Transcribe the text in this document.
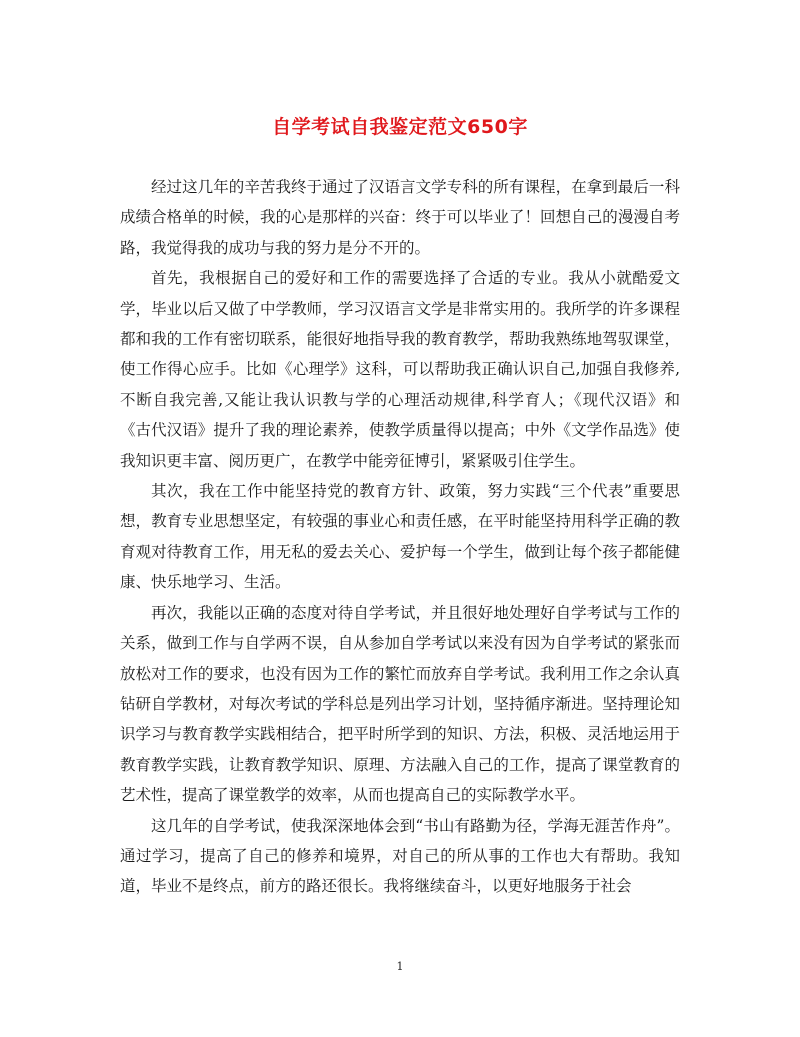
自学考试自我鉴定范文650字

经过这几年的辛苦我终于通过了汉语言文学专科的所有课程，在拿到最后一科成绩合格单的时候，我的心是那样的兴奋：终于可以毕业了！回想自己的漫漫自考路，我觉得我的成功与我的努力是分不开的。

首先，我根据自己的爱好和工作的需要选择了合适的专业。我从小就酷爱文学，毕业以后又做了中学教师，学习汉语言文学是非常实用的。我所学的许多课程都和我的工作有密切联系，能很好地指导我的教育教学，帮助我熟练地驾驭课堂，使工作得心应手。比如《心理学》这科，可以帮助我正确认识自己,加强自我修养,不断自我完善,又能让我认识教与学的心理活动规律,科学育人；《现代汉语》和《古代汉语》提升了我的理论素养，使教学质量得以提高；中外《文学作品选》使我知识更丰富、阅历更广，在教学中能旁征博引，紧紧吸引住学生。

其次，我在工作中能坚持党的教育方针、政策，努力实践“三个代表”重要思想，教育专业思想坚定，有较强的事业心和责任感，在平时能坚持用科学正确的教育观对待教育工作，用无私的爱去关心、爱护每一个学生，做到让每个孩子都能健康、快乐地学习、生活。

再次，我能以正确的态度对待自学考试，并且很好地处理好自学考试与工作的关系，做到工作与自学两不误，自从参加自学考试以来没有因为自学考试的紧张而放松对工作的要求，也没有因为工作的繁忙而放弃自学考试。我利用工作之余认真钻研自学教材，对每次考试的学科总是列出学习计划，坚持循序渐进。坚持理论知识学习与教育教学实践相结合，把平时所学到的知识、方法，积极、灵活地运用于教育教学实践，让教育教学知识、原理、方法融入自己的工作，提高了课堂教育的艺术性，提高了课堂教学的效率，从而也提高自己的实际教学水平。

这几年的自学考试，使我深深地体会到“书山有路勤为径，学海无涯苦作舟”。通过学习，提高了自己的修养和境界，对自己的所从事的工作也大有帮助。我知道，毕业不是终点，前方的路还很长。我将继续奋斗，以更好地服务于社会

1
